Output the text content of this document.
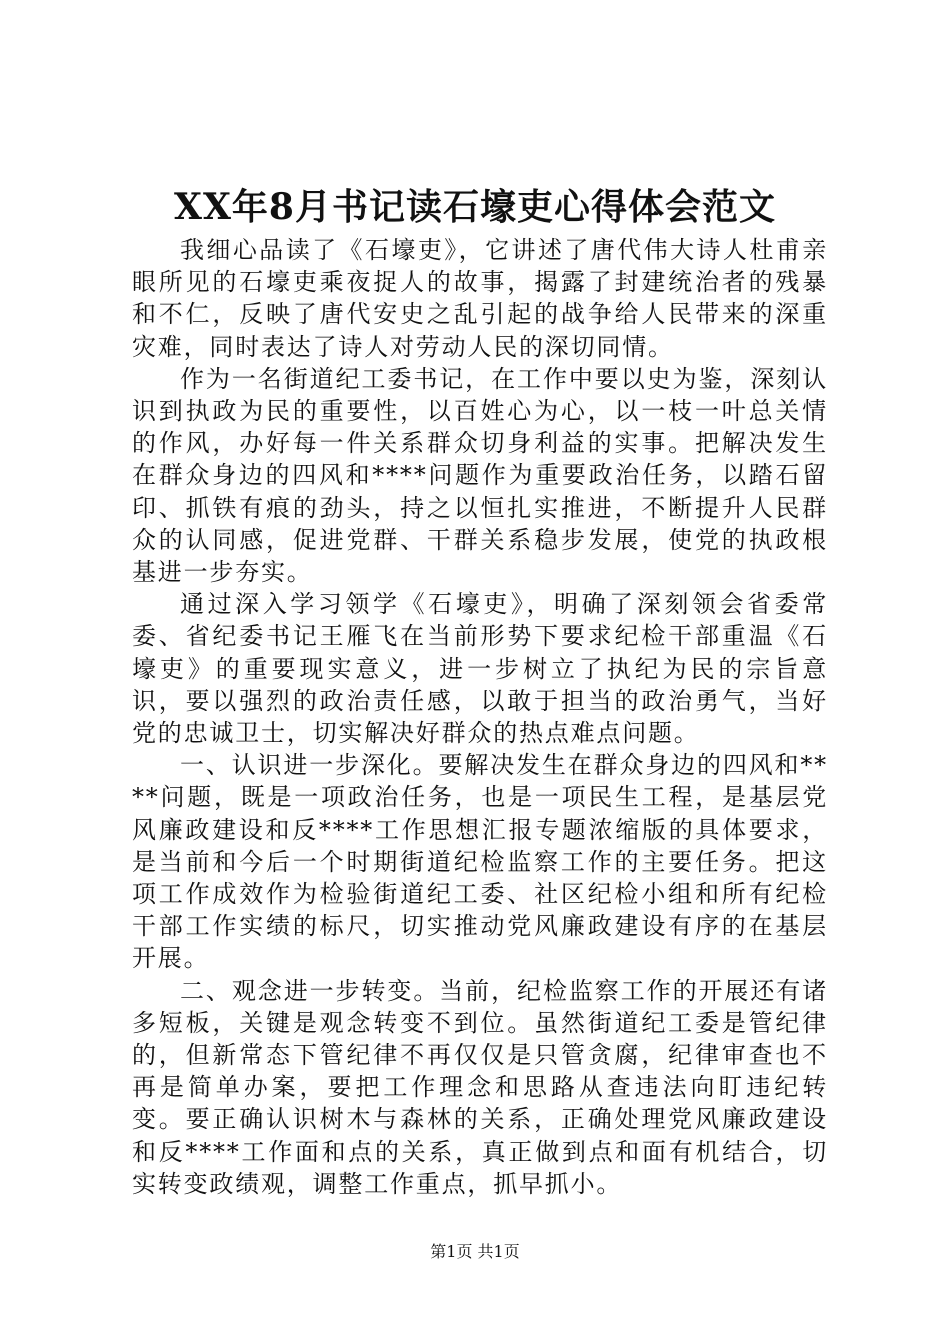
XX年8月书记读石壕吏心得体会范文

我细心品读了《石壕吏》，它讲述了唐代伟大诗人杜甫亲眼所见的石壕吏乘夜捉人的故事，揭露了封建统治者的残暴和不仁，反映了唐代安史之乱引起的战争给人民带来的深重灾难，同时表达了诗人对劳动人民的深切同情。

作为一名街道纪工委书记，在工作中要以史为鉴，深刻认识到执政为民的重要性，以百姓心为心，以一枝一叶总关情的作风，办好每一件关系群众切身利益的实事。把解决发生在群众身边的四风和****问题作为重要政治任务，以踏石留印、抓铁有痕的劲头，持之以恒扎实推进，不断提升人民群众的认同感，促进党群、干群关系稳步发展，使党的执政根基进一步夯实。

通过深入学习领学《石壕吏》，明确了深刻领会省委常委、省纪委书记王雁飞在当前形势下要求纪检干部重温《石壕吏》的重要现实意义，进一步树立了执纪为民的宗旨意识，要以强烈的政治责任感，以敢于担当的政治勇气，当好党的忠诚卫士，切实解决好群众的热点难点问题。

一、认识进一步深化。要解决发生在群众身边的四风和****问题，既是一项政治任务，也是一项民生工程，是基层党风廉政建设和反****工作思想汇报专题浓缩版的具体要求，是当前和今后一个时期街道纪检监察工作的主要任务。把这项工作成效作为检验街道纪工委、社区纪检小组和所有纪检干部工作实绩的标尺，切实推动党风廉政建设有序的在基层开展。

二、观念进一步转变。当前，纪检监察工作的开展还有诸多短板，关键是观念转变不到位。虽然街道纪工委是管纪律的，但新常态下管纪律不再仅仅是只管贪腐，纪律审查也不再是简单办案，要把工作理念和思路从查违法向盯违纪转变。要正确认识树木与森林的关系，正确处理党风廉政建设和反****工作面和点的关系，真正做到点和面有机结合，切实转变政绩观，调整工作重点，抓早抓小。

第1页 共1页
